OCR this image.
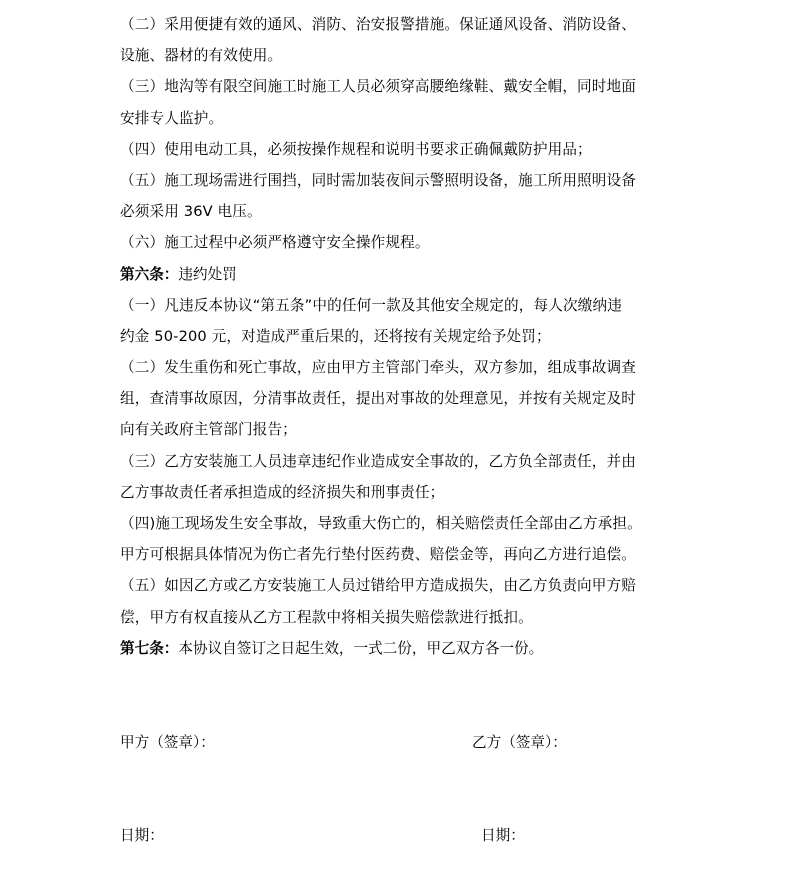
（二）采用便捷有效的通风、消防、治安报警措施。保证通风设备、消防设备、
设施、器材的有效使用。
（三）地沟等有限空间施工时施工人员必须穿高腰绝缘鞋、戴安全帽，同时地面
安排专人监护。
（四）使用电动工具，必须按操作规程和说明书要求正确佩戴防护用品；
（五）施工现场需进行围挡，同时需加装夜间示警照明设备，施工所用照明设备
必须采用 36V 电压。
（六）施工过程中必须严格遵守安全操作规程。
第六条：违约处罚
（一）凡违反本协议“第五条”中的任何一款及其他安全规定的，每人次缴纳违
约金 50-200 元，对造成严重后果的，还将按有关规定给予处罚；
（二）发生重伤和死亡事故，应由甲方主管部门牵头，双方参加，组成事故调查
组，查清事故原因，分清事故责任，提出对事故的处理意见，并按有关规定及时
向有关政府主管部门报告；
（三）乙方安装施工人员违章违纪作业造成安全事故的，乙方负全部责任，并由
乙方事故责任者承担造成的经济损失和刑事责任；
（四)施工现场发生安全事故，导致重大伤亡的，相关赔偿责任全部由乙方承担。
甲方可根据具体情况为伤亡者先行垫付医药费、赔偿金等，再向乙方进行追偿。
（五）如因乙方或乙方安装施工人员过错给甲方造成损失，由乙方负责向甲方赔
偿，甲方有权直接从乙方工程款中将相关损失赔偿款进行抵扣。
第七条：本协议自签订之日起生效，一式二份，甲乙双方各一份。
甲方（签章）：	乙方（签章）：
日期：	日期：
